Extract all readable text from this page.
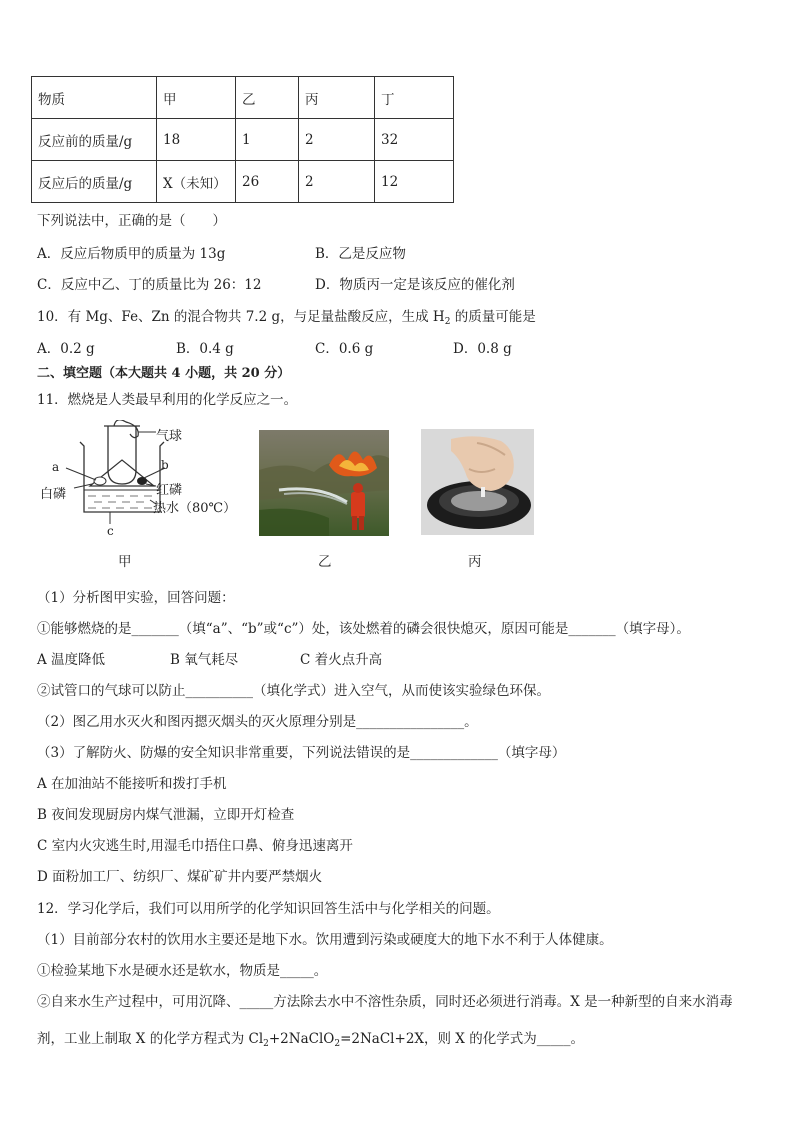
物质	甲	乙	丙	丁
反应前的质量/g	18	1	2	32
反应后的质量/g	X（未知）	26	2	12
下列说法中，正确的是（　　）
A．反应后物质甲的质量为 13g	B．乙是反应物
C．反应中乙、丁的质量比为 26：12	D．物质丙一定是该反应的催化剂
10．有 Mg、Fe、Zn 的混合物共 7.2 g，与足量盐酸反应，生成 $H_2$ 的质量可能是
A．0.2 g	B．0.4 g	C．0.6 g	D．0.8 g
二、填空题（本大题共 4 小题，共 20 分）
11．燃烧是人类最早利用的化学反应之一。
气球
a	b
白磷	红磷
热水（80℃）
c
甲	乙	丙
（1）分析图甲实验，回答问题：
①能够燃烧的是_______（填“a”、“b”或“c”）处，该处燃着的磷会很快熄灭，原因可能是_______（填字母）。
A 温度降低	B 氧气耗尽	C 着火点升高
②试管口的气球可以防止__________（填化学式）进入空气，从而使该实验绿色环保。
（2）图乙用水灭火和图丙摁灭烟头的灭火原理分别是________________。
（3）了解防火、防爆的安全知识非常重要，下列说法错误的是_____________（填字母）
A 在加油站不能接听和拨打手机
B 夜间发现厨房内煤气泄漏，立即开灯检查
C 室内火灾逃生时,用湿毛巾捂住口鼻、俯身迅速离开
D 面粉加工厂、纺织厂、煤矿矿井内要严禁烟火
12．学习化学后，我们可以用所学的化学知识回答生活中与化学相关的问题。
（1）目前部分农村的饮用水主要还是地下水。饮用遭到污染或硬度大的地下水不利于人体健康。
①检验某地下水是硬水还是软水，物质是_____。
②自来水生产过程中，可用沉降、_____方法除去水中不溶性杂质，同时还必须进行消毒。X 是一种新型的自来水消毒
剂，工业上制取 X 的化学方程式为 $Cl_2+2NaClO_2=2NaCl+2X$，则 X 的化学式为_____。
